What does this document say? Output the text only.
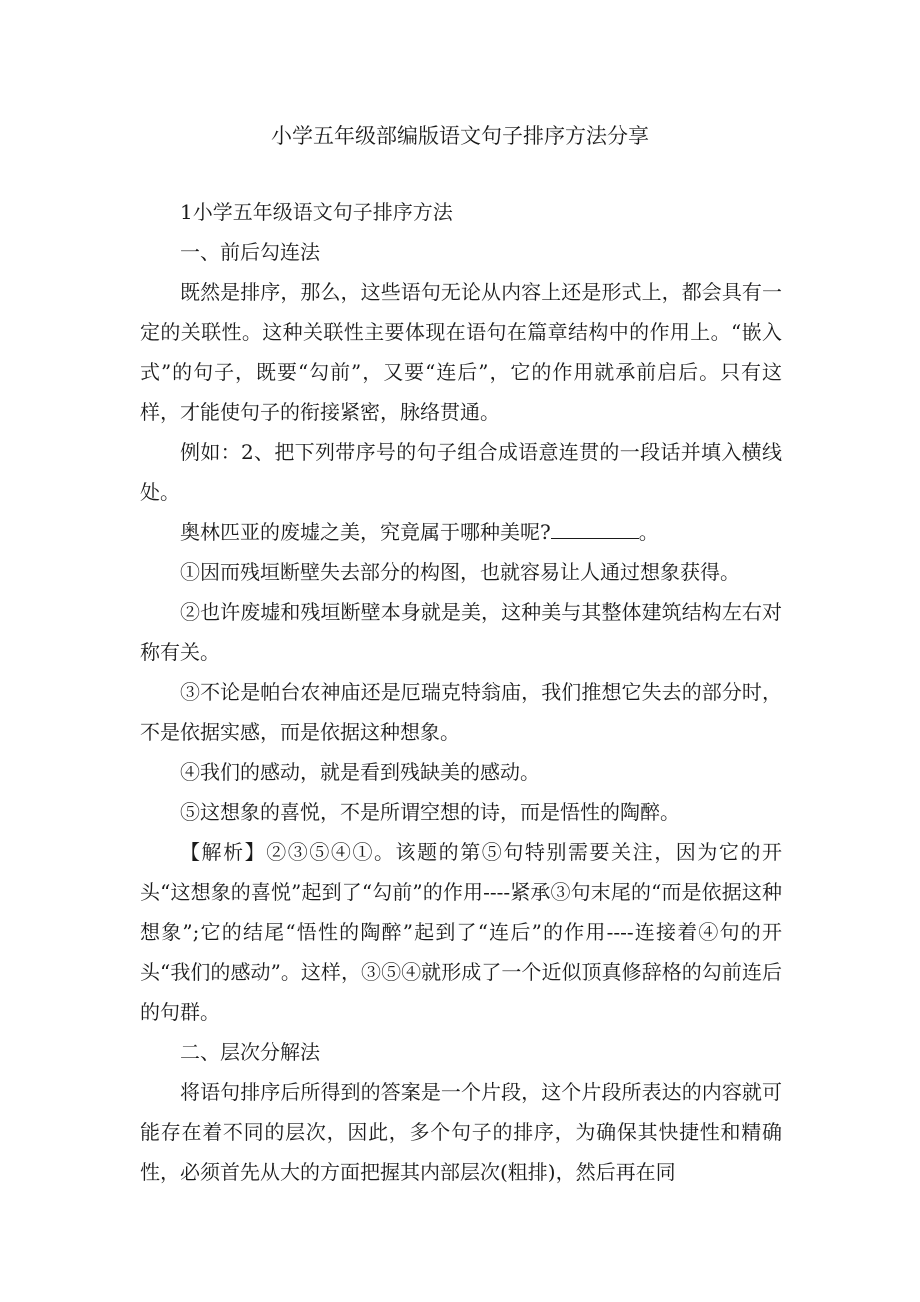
小学五年级部编版语文句子排序方法分享

1小学五年级语文句子排序方法

一、前后勾连法

既然是排序，那么，这些语句无论从内容上还是形式上，都会具有一定的关联性。这种关联性主要体现在语句在篇章结构中的作用上。“嵌入式”的句子，既要“勾前”，又要“连后”，它的作用就承前启后。只有这样，才能使句子的衔接紧密，脉络贯通。

例如：2、把下列带序号的句子组合成语意连贯的一段话并填入横线处。

奥林匹亚的废墟之美，究竟属于哪种美呢?	。

①因而残垣断壁失去部分的构图，也就容易让人通过想象获得。

②也许废墟和残垣断壁本身就是美，这种美与其整体建筑结构左右对称有关。

③不论是帕台农神庙还是厄瑞克特翁庙，我们推想它失去的部分时，不是依据实感，而是依据这种想象。

④我们的感动，就是看到残缺美的感动。

⑤这想象的喜悦，不是所谓空想的诗，而是悟性的陶醉。

【解析】②③⑤④①。该题的第⑤句特别需要关注，因为它的开头“这想象的喜悦”起到了“勾前”的作用----紧承③句末尾的“而是依据这种想象”;它的结尾“悟性的陶醉”起到了“连后”的作用----连接着④句的开头“我们的感动”。这样，③⑤④就形成了一个近似顶真修辞格的勾前连后的句群。

二、层次分解法

将语句排序后所得到的答案是一个片段，这个片段所表达的内容就可能存在着不同的层次，因此，多个句子的排序，为确保其快捷性和精确性，必须首先从大的方面把握其内部层次(粗排)，然后再在同
